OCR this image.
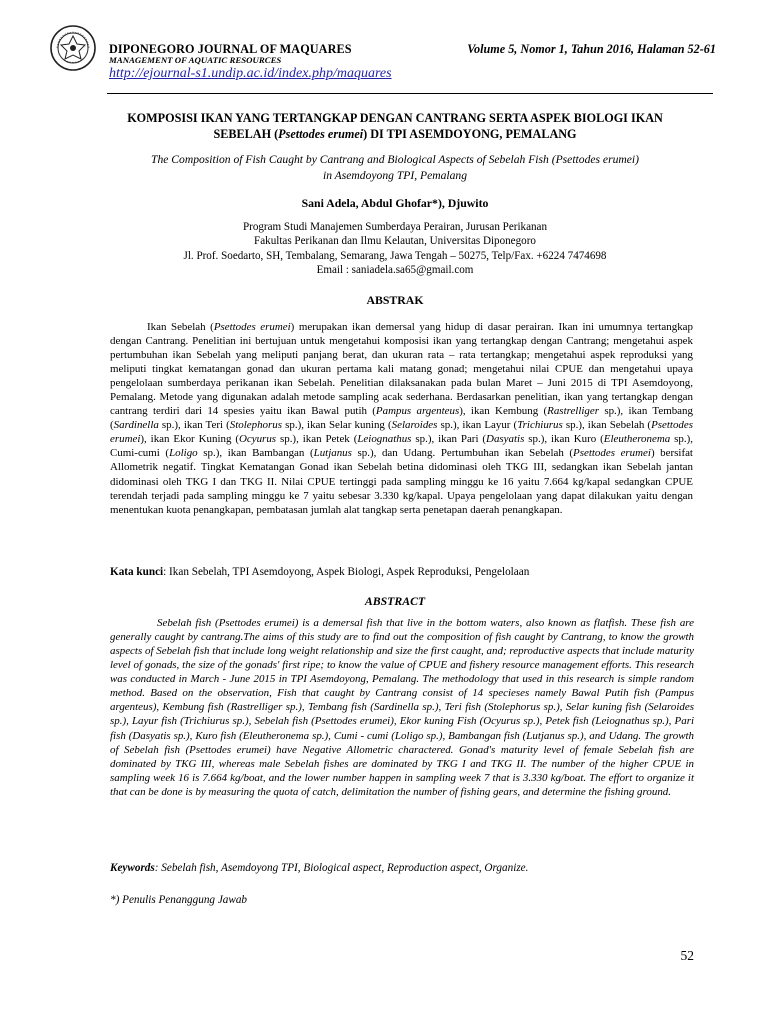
DIPONEGORO JOURNAL OF MAQUARES	Volume 5, Nomor 1, Tahun 2016, Halaman 52-61
MANAGEMENT OF AQUATIC RESOURCES
http://ejournal-s1.undip.ac.id/index.php/maquares
KOMPOSISI IKAN YANG TERTANGKAP DENGAN CANTRANG SERTA ASPEK BIOLOGI IKAN
SEBELAH (Psettodes erumei) DI TPI ASEMDOYONG, PEMALANG
The Composition of Fish Caught by Cantrang and Biological Aspects of Sebelah Fish (Psettodes erumei)
in Asemdoyong TPI, Pemalang
Sani Adela, Abdul Ghofar*), Djuwito
Program Studi Manajemen Sumberdaya Perairan, Jurusan Perikanan
Fakultas Perikanan dan Ilmu Kelautan, Universitas Diponegoro
Jl. Prof. Soedarto, SH, Tembalang, Semarang, Jawa Tengah – 50275, Telp/Fax. +6224 7474698
Email : saniadela.sa65@gmail.com
ABSTRAK
Ikan Sebelah (Psettodes erumei) merupakan ikan demersal yang hidup di dasar perairan. Ikan ini umumnya tertangkap dengan Cantrang. Penelitian ini bertujuan untuk mengetahui komposisi ikan yang tertangkap dengan Cantrang; mengetahui aspek pertumbuhan ikan Sebelah yang meliputi panjang berat, dan ukuran rata – rata tertangkap; mengetahui aspek reproduksi yang meliputi tingkat kematangan gonad dan ukuran pertama kali matang gonad; mengetahui nilai CPUE dan mengetahui upaya pengelolaan sumberdaya perikanan ikan Sebelah. Penelitian dilaksanakan pada bulan Maret – Juni 2015 di TPI Asemdoyong, Pemalang. Metode yang digunakan adalah metode sampling acak sederhana. Berdasarkan penelitian, ikan yang tertangkap dengan cantrang terdiri dari 14 spesies yaitu ikan Bawal putih (Pampus argenteus), ikan Kembung (Rastrelliger sp.), ikan Tembang (Sardinella sp.), ikan Teri (Stolephorus sp.), ikan Selar kuning (Selaroides sp.), ikan Layur (Trichiurus sp.), ikan Sebelah (Psettodes erumei), ikan Ekor Kuning (Ocyurus sp.), ikan Petek (Leiognathus sp.), ikan Pari (Dasyatis sp.), ikan Kuro (Eleutheronema sp.), Cumi-cumi (Loligo sp.), ikan Bambangan (Lutjanus sp.), dan Udang. Pertumbuhan ikan Sebelah (Psettodes erumei) bersifat Allometrik negatif. Tingkat Kematangan Gonad ikan Sebelah betina didominasi oleh TKG III, sedangkan ikan Sebelah jantan didominasi oleh TKG I dan TKG II. Nilai CPUE tertinggi pada sampling minggu ke 16 yaitu 7.664 kg/kapal sedangkan CPUE terendah terjadi pada sampling minggu ke 7 yaitu sebesar 3.330 kg/kapal. Upaya pengelolaan yang dapat dilakukan yaitu dengan menentukan kuota penangkapan, pembatasan jumlah alat tangkap serta penetapan daerah penangkapan.
Kata kunci: Ikan Sebelah, TPI Asemdoyong, Aspek Biologi, Aspek Reproduksi, Pengelolaan
ABSTRACT
Sebelah fish (Psettodes erumei) is a demersal fish that live in the bottom waters, also known as flatfish. These fish are generally caught by cantrang.The aims of this study are to find out the composition of fish caught by Cantrang, to know the growth aspects of Sebelah fish that include long weight relationship and size the first caught, and; reproductive aspects that include maturity level of gonads, the size of the gonads' first ripe; to know the value of CPUE and fishery resource management efforts. This research was conducted in March - June 2015 in TPI Asemdoyong, Pemalang. The methodology that used in this research is simple random method. Based on the observation, Fish that caught by Cantrang consist of 14 specieses namely Bawal Putih fish (Pampus argenteus), Kembung fish (Rastrelliger sp.), Tembang fish (Sardinella sp.), Teri fish (Stolephorus sp.), Selar kuning fish (Selaroides sp.), Layur fish (Trichiurus sp.), Sebelah fish (Psettodes erumei), Ekor kuning Fish (Ocyurus sp.), Petek fish (Leiognathus sp.), Pari fish (Dasyatis sp.), Kuro fish (Eleutheronema sp.), Cumi - cumi (Loligo sp.), Bambangan fish (Lutjanus sp.), and Udang. The growth of Sebelah fish (Psettodes erumei) have Negative Allometric charactered. Gonad's maturity level of female Sebelah fish are dominated by TKG III, whereas male Sebelah fishes are dominated by TKG I and TKG II. The number of the higher CPUE in sampling week 16 is 7.664 kg/boat, and the lower number happen in sampling week 7 that is 3.330 kg/boat. The effort to organize it that can be done is by measuring the quota of catch, delimitation the number of fishing gears, and determine the fishing ground.
Keywords: Sebelah fish, Asemdoyong TPI, Biological aspect, Reproduction aspect, Organize.
*) Penulis Penanggung Jawab
52
